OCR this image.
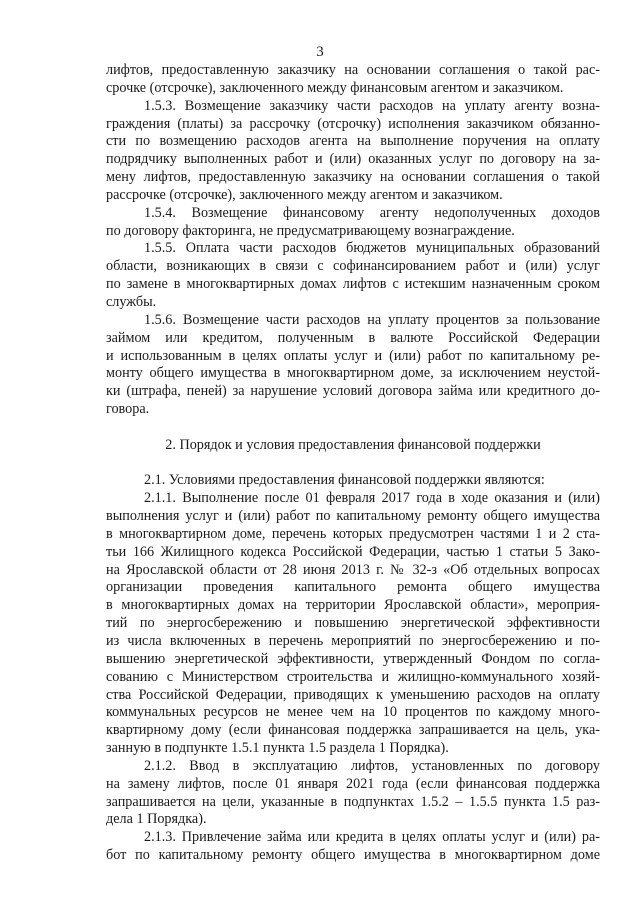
3
лифтов, предоставленную заказчику на основании соглашения о такой рас-
срочке (отсрочке), заключенного между финансовым агентом и заказчиком.
1.5.3. Возмещение заказчику части расходов на уплату агенту возна-
граждения (платы) за рассрочку (отсрочку) исполнения заказчиком обязанно-
сти по возмещению расходов агента на выполнение поручения на оплату
подрядчику выполненных работ и (или) оказанных услуг по договору на за-
мену лифтов, предоставленную заказчику на основании соглашения о такой
рассрочке (отсрочке), заключенного между агентом и заказчиком.
1.5.4. Возмещение финансовому агенту недополученных доходов
по договору факторинга, не предусматривающему вознаграждение.
1.5.5. Оплата части расходов бюджетов муниципальных образований
области, возникающих в связи с софинансированием работ и (или) услуг
по замене в многоквартирных домах лифтов с истекшим назначенным сроком
службы.
1.5.6. Возмещение части расходов на уплату процентов за пользование
займом или кредитом, полученным в валюте Российской Федерации
и использованным в целях оплаты услуг и (или) работ по капитальному ре-
монту общего имущества в многоквартирном доме, за исключением неустой-
ки (штрафа, пеней) за нарушение условий договора займа или кредитного до-
говора.
2. Порядок и условия предоставления финансовой поддержки
2.1. Условиями предоставления финансовой поддержки являются:
2.1.1. Выполнение после 01 февраля 2017 года в ходе оказания и (или)
выполнения услуг и (или) работ по капитальному ремонту общего имущества
в многоквартирном доме, перечень которых предусмотрен частями 1 и 2 ста-
тьи 166 Жилищного кодекса Российской Федерации, частью 1 статьи 5 Зако-
на Ярославской области от 28 июня 2013 г. № 32-з «Об отдельных вопросах
организации проведения капитального ремонта общего имущества
в многоквартирных домах на территории Ярославской области», мероприя-
тий по энергосбережению и повышению энергетической эффективности
из числа включенных в перечень мероприятий по энергосбережению и по-
вышению энергетической эффективности, утвержденный Фондом по согла-
сованию с Министерством строительства и жилищно-коммунального хозяй-
ства Российской Федерации, приводящих к уменьшению расходов на оплату
коммунальных ресурсов не менее чем на 10 процентов по каждому много-
квартирному дому (если финансовая поддержка запрашивается на цель, ука-
занную в подпункте 1.5.1 пункта 1.5 раздела 1 Порядка).
2.1.2. Ввод в эксплуатацию лифтов, установленных по договору
на замену лифтов, после 01 января 2021 года (если финансовая поддержка
запрашивается на цели, указанные в подпунктах 1.5.2 – 1.5.5 пункта 1.5 раз-
дела 1 Порядка).
2.1.3. Привлечение займа или кредита в целях оплаты услуг и (или) ра-
бот по капитальному ремонту общего имущества в многоквартирном доме
